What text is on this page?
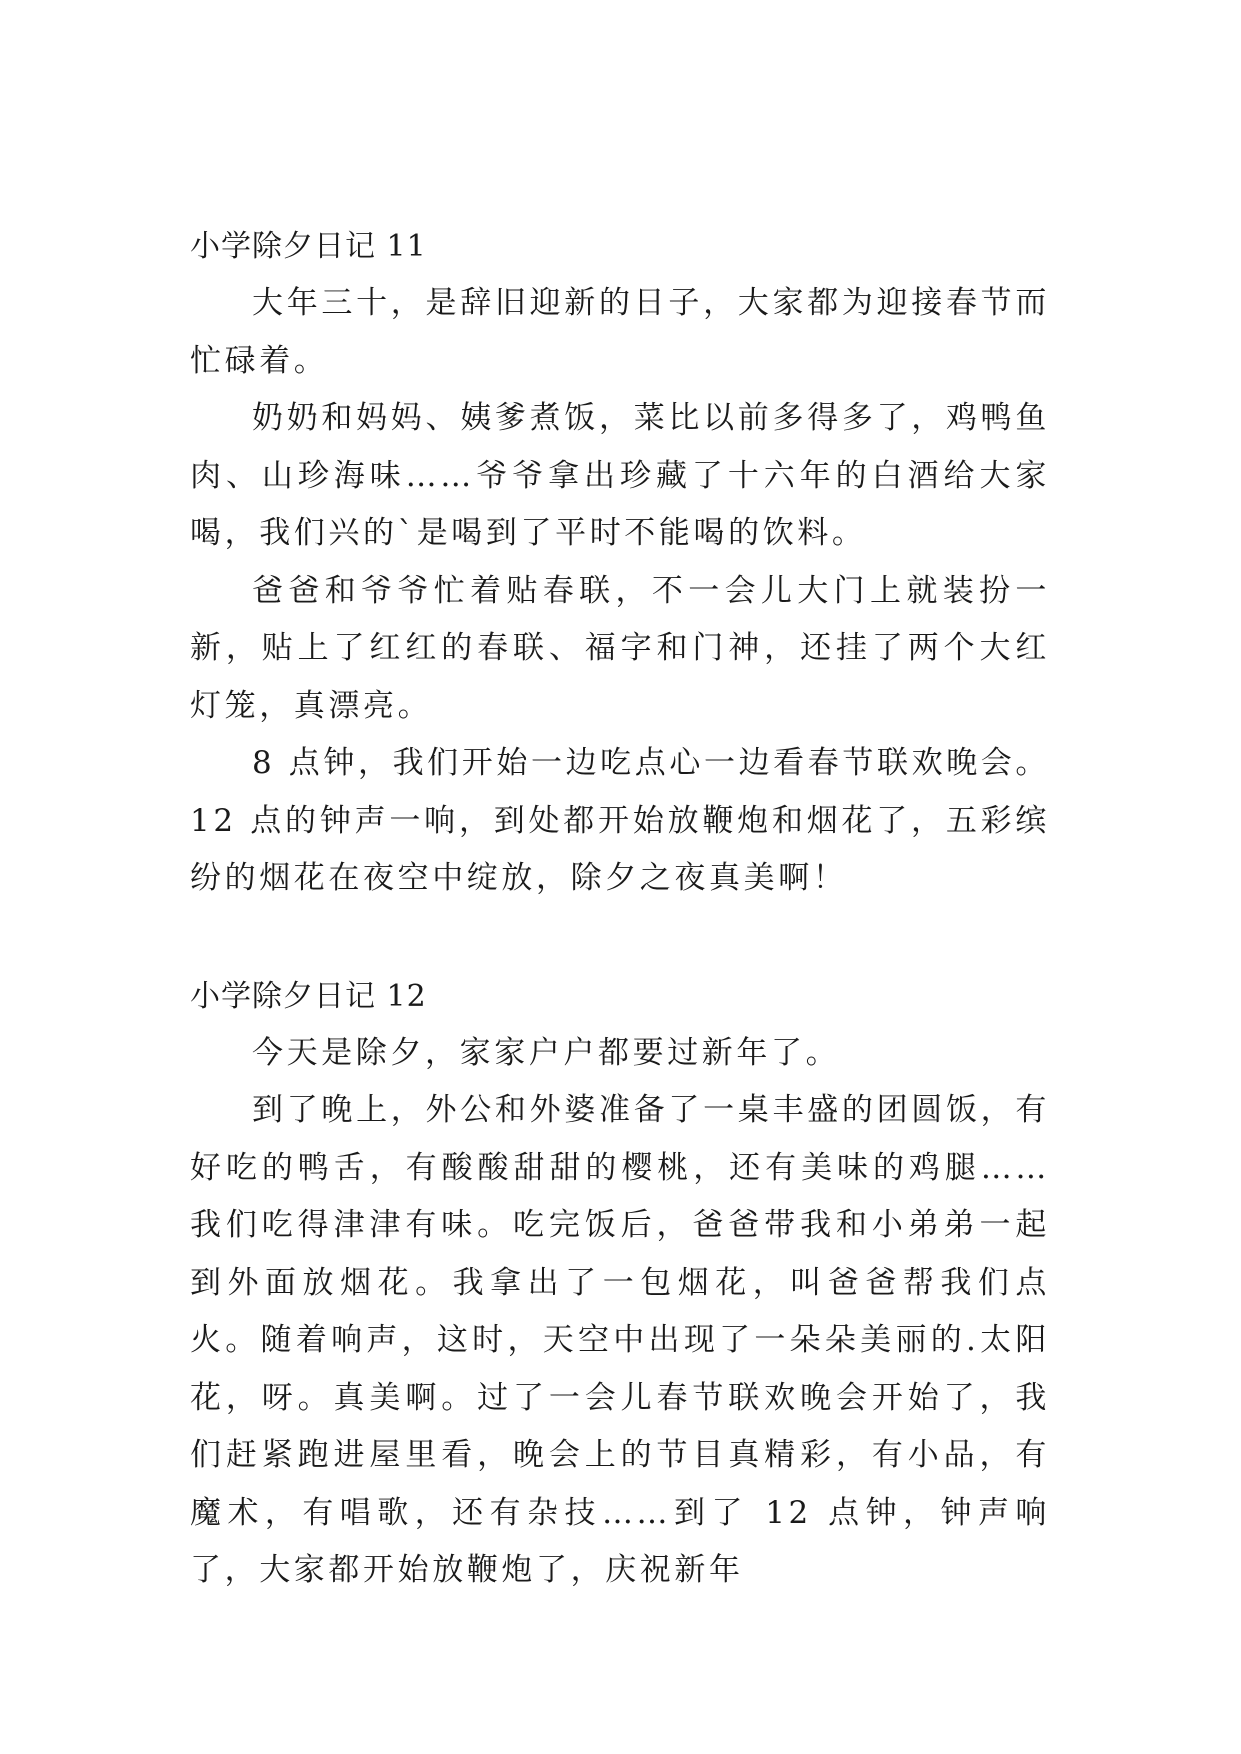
小学除夕日记 11

大年三十，是辞旧迎新的日子，大家都为迎接春节而忙碌着。

奶奶和妈妈、姨爹煮饭，菜比以前多得多了，鸡鸭鱼肉、山珍海味……爷爷拿出珍藏了十六年的白酒给大家喝，我们兴的`是喝到了平时不能喝的饮料。

爸爸和爷爷忙着贴春联，不一会儿大门上就装扮一新，贴上了红红的春联、福字和门神，还挂了两个大红灯笼，真漂亮。

8 点钟，我们开始一边吃点心一边看春节联欢晚会。12 点的钟声一响，到处都开始放鞭炮和烟花了，五彩缤纷的烟花在夜空中绽放，除夕之夜真美啊！

小学除夕日记 12

今天是除夕，家家户户都要过新年了。

到了晚上，外公和外婆准备了一桌丰盛的团圆饭，有好吃的鸭舌，有酸酸甜甜的樱桃，还有美味的鸡腿……我们吃得津津有味。吃完饭后，爸爸带我和小弟弟一起到外面放烟花。我拿出了一包烟花，叫爸爸帮我们点火。随着响声，这时，天空中出现了一朵朵美丽的.太阳花，呀。真美啊。过了一会儿春节联欢晚会开始了，我们赶紧跑进屋里看，晚会上的节目真精彩，有小品，有魔术，有唱歌，还有杂技……到了 12 点钟，钟声响了，大家都开始放鞭炮了，庆祝新年
